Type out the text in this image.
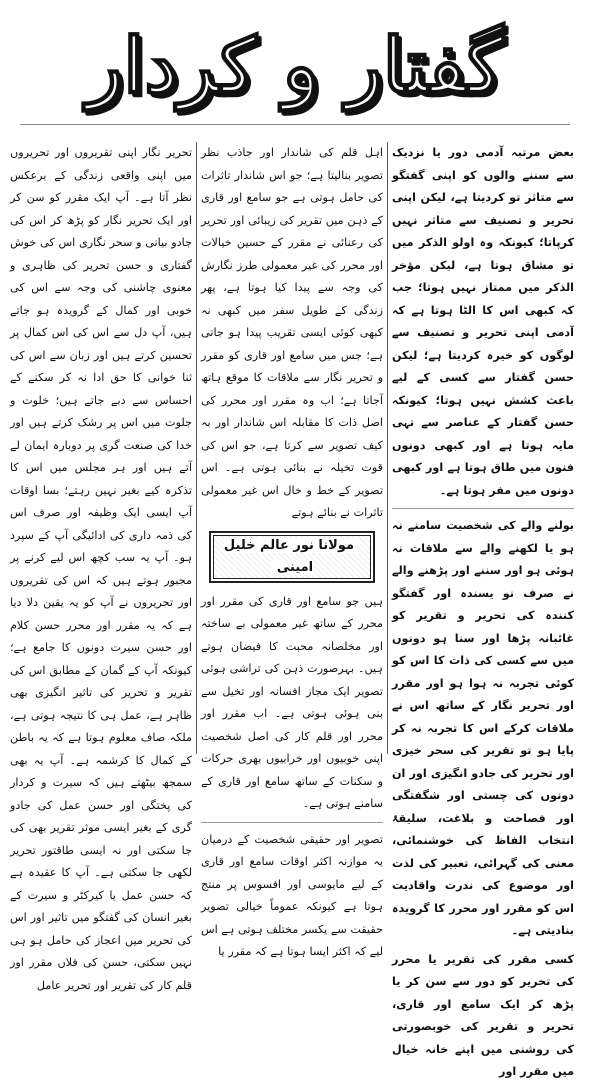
گفتار و کردار

بعض مرتبہ آدمی دور یا نزدیک سے سننے والوں کو اپنی گفتگو سے متاثر تو کردیتا ہے، لیکن اپنی تحریر و تصنیف سے متاثر نہیں کرپاتا؛ کیونکہ وہ اولو الذکر میں تو مشاق ہوتا ہے، لیکن مؤخر الذکر میں ممتاز نہیں ہوتا؛ جب کہ کبھی اس کا الٹا ہوتا ہے کہ آدمی اپنی تحریر و تصنیف سے لوگوں کو خیرہ کردیتا ہے؛ لیکن حسن گفتار سے کسی کے لیے باعث کشش نہیں ہوتا؛ کیونکہ حسن گفتار کے عناصر سے تہی مایہ ہوتا ہے اور کبھی دونوں فنون میں طاق ہوتا ہے اور کبھی دونوں میں مفر ہوتا ہے۔

بولنے والے کی شخصیت سامنے نہ ہو یا لکھنے والے سے ملاقات نہ ہوئی ہو اور سننے اور پڑھنے والے نے صرف نو یسندہ اور گفتگو کنندہ کی تحریر و تقریر کو غائبانہ پڑھا اور سنا ہو دونوں میں سے کسی کی ذات کا اس کو کوئی تجربہ نہ ہوا ہو اور مقرر اور تحریر نگار کے ساتھ اس نے ملاقات کرکے اس کا تجربہ نہ کر پایا ہو تو تقریر کی سحر خیزی اور تحریر کی جادو انگیزی اور ان دونوں کی چستی اور شگفتگی اور فصاحت و بلاغت، سلیقۂ انتخاب الفاظ کی خوشنمائی، معنی کی گہرائی، تعبیر کی لذت اور موضوع کی ندرت واقادیت اس کو مقرر اور محرر کا گرویدہ بنادیتی ہے۔

کسی مقرر کی تقریر یا محرر کی تحریر کو دور سے سن کر یا پڑھ کر ایک سامع اور قاری، تحریر و تقریر کی خوبصورتی کی روشنی میں اپنے خانہ خیال میں مقرر اور

اہل قلم کی شاندار اور جاذب نظر تصویر بنالیتا ہے؛ جو اس شاندار تاثرات کی حامل ہوتی ہے جو سامع اور قاری کے ذہن میں تقریر کی زیبائی اور تحریر کی رعنائی نے مقرر کے حسین خیالات اور محرر کی غیر معمولی طرز نگارش کی وجہ سے پیدا کیا ہوتا ہے، پھر زندگی کے طویل سفر میں کبھی نہ کبھی کوئی ایسی تقریب پیدا ہو جاتی ہے؛ جس میں سامع اور قاری کو مقرر و تحریر نگار سے ملاقات کا موقع ہاتھ آجاتا ہے؛ اب وہ مقرر اور محرر کی اصل ذات کا مقابلہ اس شاندار اور بہ کیف تصویر سے کرتا ہے، جو اس کی قوت تخیلہ نے بنائی ہوتی ہے۔ اس تصویر کے خط و خال اس غیر معمولی تاثرات نے بنائے ہوتے

مولانا نور عالم خلیل امینی

ہیں جو سامع اور قاری کی مقرر اور محرر کے ساتھ غیر معمولی بے ساختہ اور مخلصانہ محبت کا فیضان ہوتے ہیں۔ بہرصورت ذہن کی تراشی ہوئی تصویر ایک مجاز افسانہ اور تخیل سے بنی ہوئی ہوتی ہے۔ اب مقرر اور محرر اور قلم کار کی اصل شخصیت اپنی خوبیوں اور خرابیوں بھری حرکات و سکنات کے ساتھ سامع اور قاری کے سامنے ہوتی ہے۔

تصویر اور حقیقی شخصیت کے درمیان یہ موازنہ اکثر اوقات سامع اور قاری کے لیے مایوسی اور افسوس پر منتج ہوتا ہے کیونکہ عموماً خیالی تصویر حقیقت سے یکسر مختلف ہوتی ہے اس لیے کہ اکثر ایسا ہوتا ہے کہ مقرر یا

تحریر نگار اپنی تقریروں اور تحریروں میں اپنی واقعی زندگی کے برعکس نظر آتا ہے۔ آپ ایک مقرر کو سن کر اور ایک تحریر نگار کو پڑھ کر اس کی جادو بیانی و سحر نگاری اس کی خوش گفتاری و حسن تحریر کی ظاہری و معنوی چاشنی کی وجہ سے اس کی خوبی اور کمال کے گرویدہ ہو جاتے ہیں، آپ دل سے اس کی اس کمال پر تحسین کرتے ہیں اور زبان سے اس کی ثنا خوانی کا حق ادا نہ کر سکنے کے احساس سے دبے جاتے ہیں؛ خلوت و جلوت میں اس پر رشک کرتے ہیں اور خدا کی صنعت گری پر دوبارہ ایمان لے آتے ہیں اور ہر مجلس میں اس کا تذکرہ کیے بغیر نہیں رہتے؛ بسا اوقات آپ ایسی ایک وظیفہ اور صرف اس کی ذمہ داری کی ادائیگی آپ کے سپرد ہو۔ آپ یہ سب کچھ اس لیے کرنے پر مجبور ہوتے ہیں کہ اس کی تقریروں اور تحریروں نے آپ کو یہ یقین دلا دیا ہے کہ یہ مقرر اور محرر حسن کلام اور حسن سیرت دونوں کا جامع ہے؛ کیونکہ آپ کے گمان کے مطابق اس کی تقریر و تحریر کی تاثیر انگیزی بھی ظاہر ہے، عمل ہی کا نتیجہ ہوتی ہے، ملکہ صاف معلوم ہوتا ہے کہ یہ باطن کے کمال کا کرشمہ ہے۔ آپ یہ بھی سمجھ بیٹھتے ہیں کہ سیرت و کردار کی پختگی اور حسن عمل کی جادو گری کے بغیر ایسی موثر تقریر بھی کی جا سکتی اور نہ ایسی طاقتور تحریر لکھی جا سکتی ہے۔ آپ کا عقیدہ ہے کہ حسن عمل یا کیرکٹر و سیرت کے بغیر انسان کی گفتگو میں تاثیر اور اس کی تحریر میں اعجاز کی حامل ہو ہی نہیں سکتی، حسن کی فلاں مقرر اور قلم کار کی تقریر اور تحریر عامل
